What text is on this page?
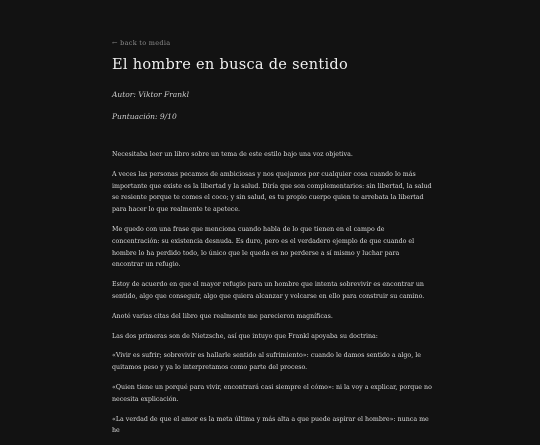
← back to media
El hombre en busca de sentido

Autor: Viktor Frankl

Puntuación: 9/10

Necesitaba leer un libro sobre un tema de este estilo bajo una voz objetiva.

A veces las personas pecamos de ambiciosas y nos quejamos por cualquier cosa cuando lo más importante que existe es la libertad y la salud. Diría que son complementarios: sin libertad, la salud se resiente porque te comes el coco; y sin salud, es tu propio cuerpo quien te arrebata la libertad para hacer lo que realmente te apetece.

Me quedo con una frase que menciona cuando habla de lo que tienen en el campo de concentración: su existencia desnuda. Es duro, pero es el verdadero ejemplo de que cuando el hombre lo ha perdido todo, lo único que le queda es no perderse a sí mismo y luchar para encontrar un refugio.

Estoy de acuerdo en que el mayor refugio para un hombre que intenta sobrevivir es encontrar un sentido, algo que conseguir, algo que quiera alcanzar y volcarse en ello para construir su camino.

Anoté varias citas del libro que realmente me parecieron magníficas.

Las dos primeras son de Nietzsche, así que intuyo que Frankl apoyaba su doctrina:

«Vivir es sufrir; sobrevivir es hallarle sentido al sufrimiento»: cuando le damos sentido a algo, le quitamos peso y ya lo interpretamos como parte del proceso.

«Quien tiene un porqué para vivir, encontrará casi siempre el cómo»: ni la voy a explicar, porque no necesita explicación.

«La verdad de que el amor es la meta última y más alta a que puede aspirar el hombre»: nunca me he
